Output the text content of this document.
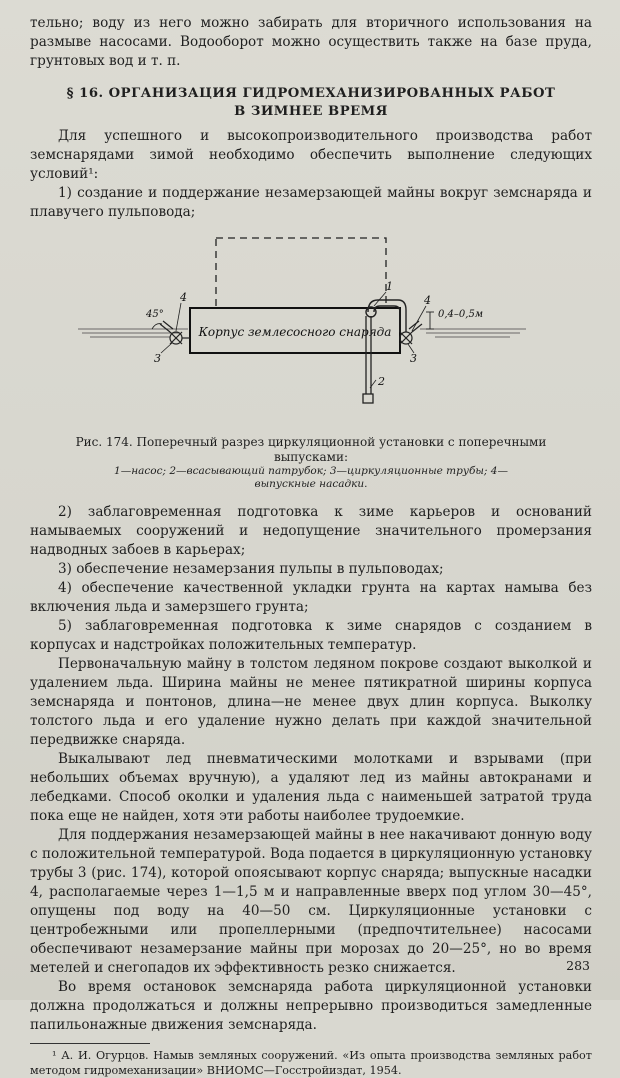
тельно; воду из него можно забирать для вторичного использования на размыве насосами. Водооборот можно осуществить также на базе пруда, грунтовых вод и т. п.

§ 16. ОРГАНИЗАЦИЯ ГИДРОМЕХАНИЗИРОВАННЫХ РАБОТ
В ЗИМНЕЕ ВРЕМЯ

Для успешного и высокопроизводительного производства работ земснарядами зимой необходимо обеспечить выполнение следующих условий¹:

1) создание и поддержание незамерзающей майны вокруг земснаряда и плавучего пульповода;

Корпус землесосного снаряда
45°	0,4–0,5м
1
2
3	3
4	4
Рис. 174. Поперечный разрез циркуляционной установки с поперечными выпусками:
1—насос; 2—всасывающий патрубок; 3—циркуляционные трубы; 4—выпускные насадки.

2) заблаговременная подготовка к зиме карьеров и оснований намываемых сооружений и недопущение значительного промерзания надводных забоев в карьерах;

3) обеспечение незамерзания пульпы в пульповодах;

4) обеспечение качественной укладки грунта на картах намыва без включения льда и замерзшего грунта;

5) заблаговременная подготовка к зиме снарядов с созданием в корпусах и надстройках положительных температур.

Первоначальную майну в толстом ледяном покрове создают выколкой и удалением льда. Ширина майны не менее пятикратной ширины корпуса земснаряда и понтонов, длина—не менее двух длин корпуса. Выколку толстого льда и его удаление нужно делать при каждой значительной передвижке снаряда.

Выкалывают лед пневматическими молотками и взрывами (при небольших объемах вручную), а удаляют лед из майны автокранами и лебедками. Способ околки и удаления льда с наименьшей затратой труда пока еще не найден, хотя эти работы наиболее трудоемкие.

Для поддержания незамерзающей майны в нее накачивают донную воду с положительной температурой. Вода подается в циркуляционную установку трубы 3 (рис. 174), которой опоясывают корпус снаряда; выпускные насадки 4, располагаемые через 1—1,5 м и направленные вверх под углом 30—45°, опущены под воду на 40—50 см. Циркуляционные установки с центробежными или пропеллерными (предпочтительнее) насосами обеспечивают незамерзание майны при морозах до 20—25°, но во время метелей и снегопадов их эффективность резко снижается.

Во время остановок земснаряда работа циркуляционной установки должна продолжаться и должны непрерывно производиться замедленные папильонажные движения земснаряда.

¹ А. И. Огурцов. Намыв земляных сооружений. «Из опыта производства земляных работ методом гидромеханизации» ВНИОМС—Госстройиздат, 1954.

283
